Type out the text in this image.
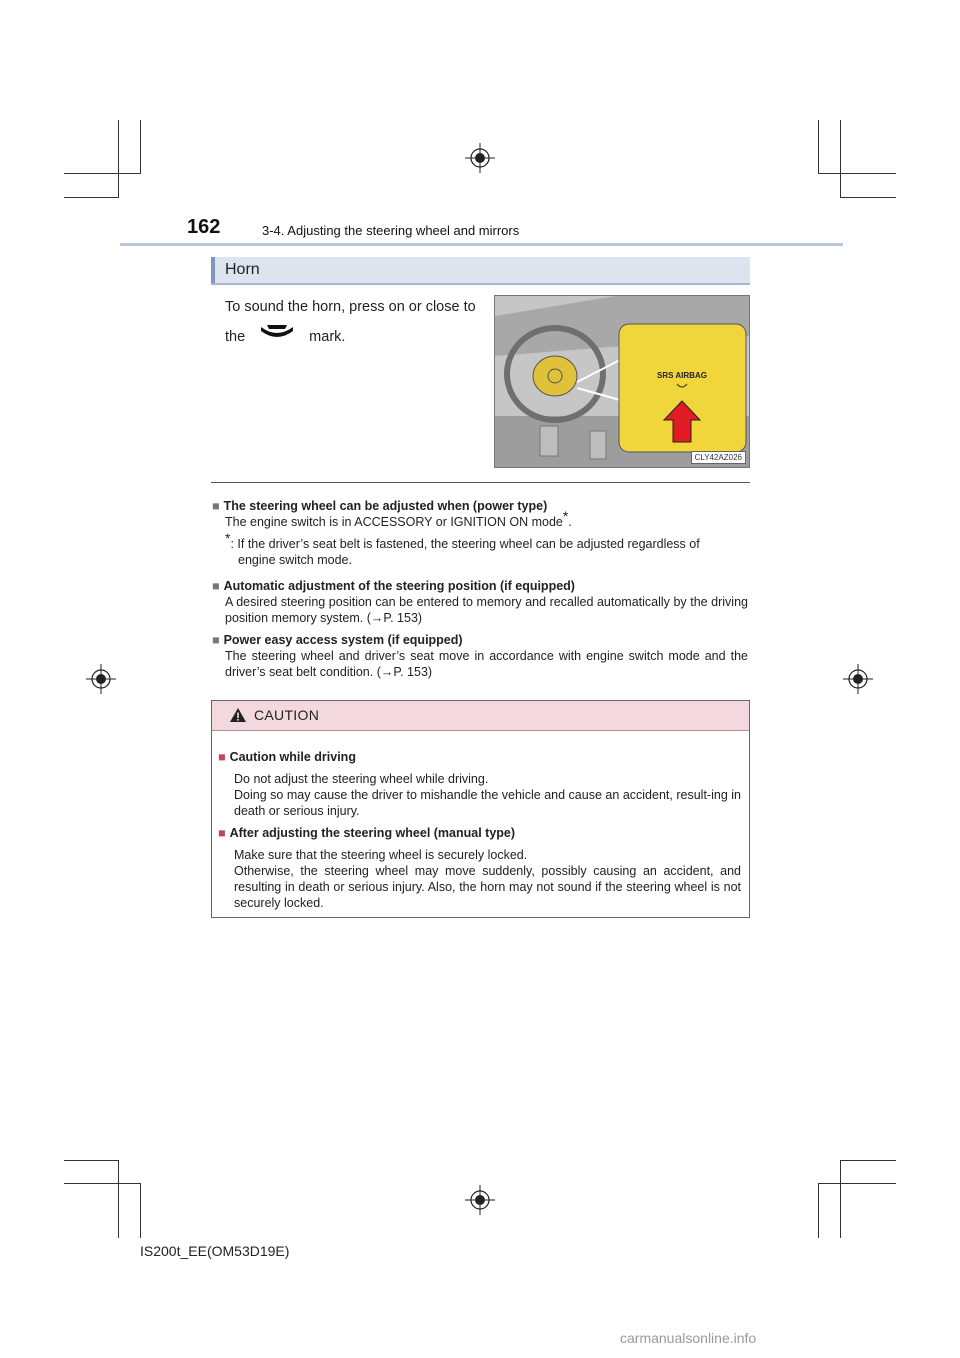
162	3-4. Adjusting the steering wheel and mirrors
Horn
To sound the horn, press on or close to the	mark.
SRS AIRBAG
CLY42AZ026
■ The steering wheel can be adjusted when (power type)
The engine switch is in ACCESSORY or IGNITION ON mode*.
*: If the driver’s seat belt is fastened, the steering wheel can be adjusted regardless of
engine switch mode.
■ Automatic adjustment of the steering position (if equipped)
A desired steering position can be entered to memory and recalled automatically by the driving position memory system. (→P. 153)
■ Power easy access system (if equipped)
The steering wheel and driver’s seat move in accordance with engine switch mode and the driver’s seat belt condition. (→P. 153)
CAUTION
■ Caution while driving
Do not adjust the steering wheel while driving.
Doing so may cause the driver to mishandle the vehicle and cause an accident, result-ing in death or serious injury.
■ After adjusting the steering wheel (manual type)
Make sure that the steering wheel is securely locked.
Otherwise, the steering wheel may move suddenly, possibly causing an accident, and resulting in death or serious injury. Also, the horn may not sound if the steering wheel is not securely locked.
IS200t_EE(OM53D19E)
carmanualsonline.info
